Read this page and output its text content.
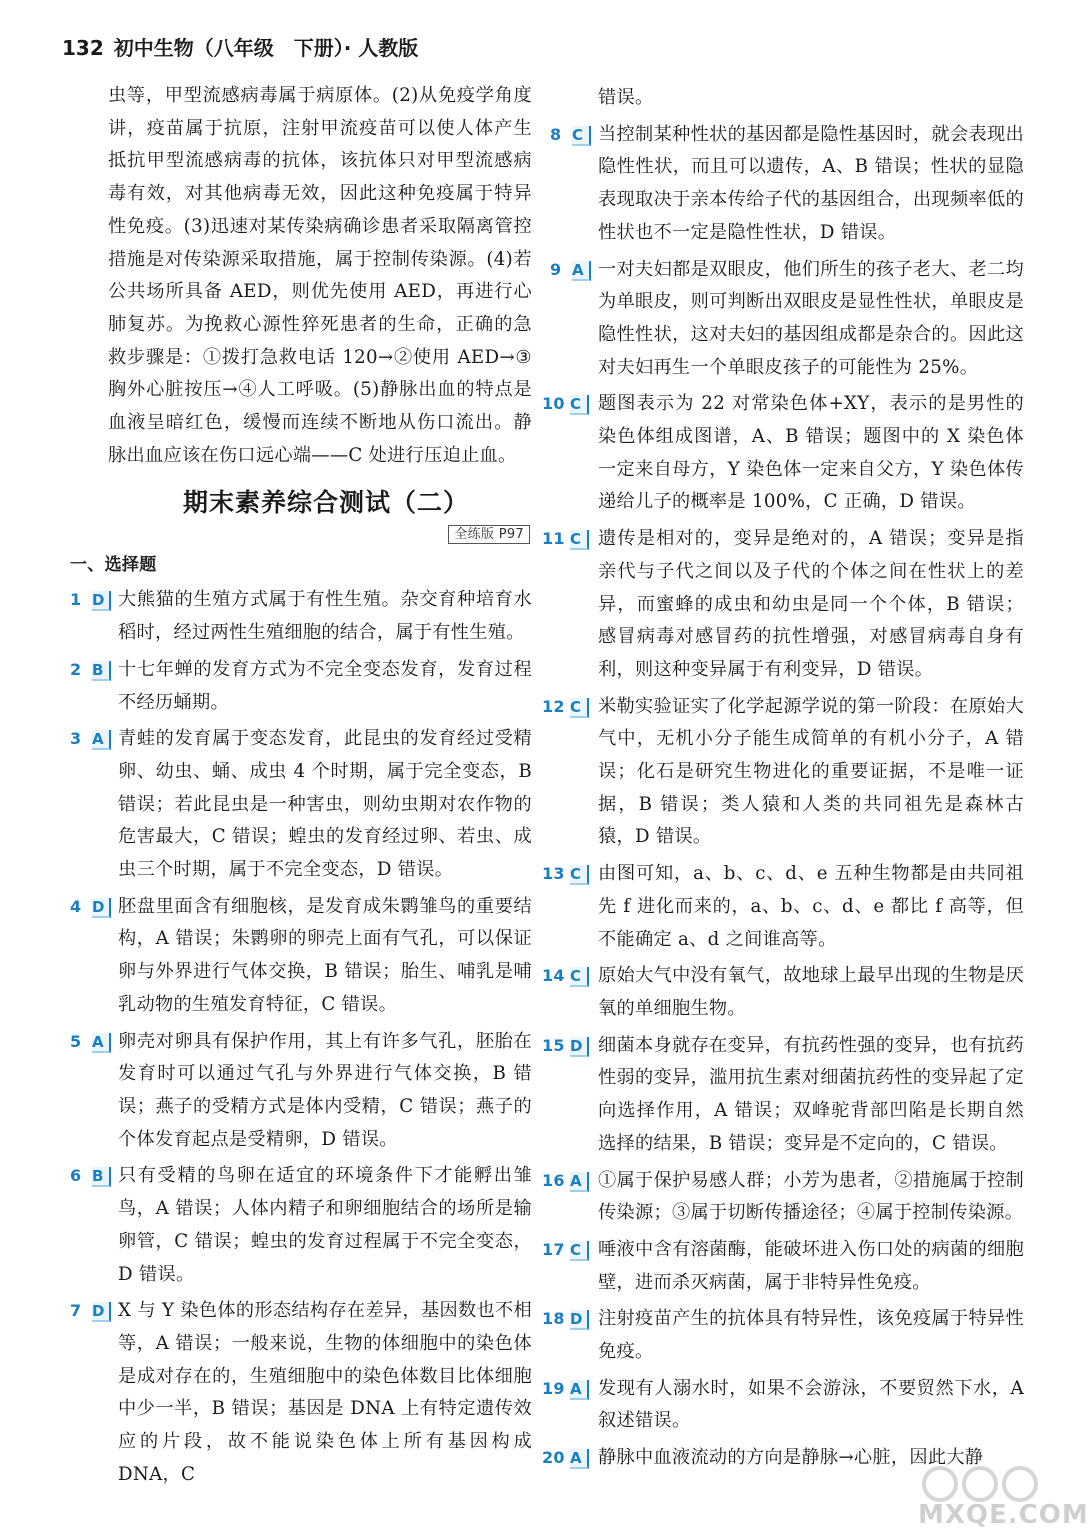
132 初中生物（八年级　下册）· 人教版
虫等，甲型流感病毒属于病原体。(2)从免疫学角度讲，疫苗属于抗原，注射甲流疫苗可以使人体产生抵抗甲型流感病毒的抗体，该抗体只对甲型流感病毒有效，对其他病毒无效，因此这种免疫属于特异性免疫。(3)迅速对某传染病确诊患者采取隔离管控措施是对传染源采取措施，属于控制传染源。(4)若公共场所具备 AED，则优先使用 AED，再进行心肺复苏。为挽救心源性猝死患者的生命，正确的急救步骤是：①拨打急救电话 120→②使用 AED→③胸外心脏按压→④人工呼吸。(5)静脉出血的特点是血液呈暗红色，缓慢而连续不断地从伤口流出。静脉出血应该在伤口远心端——C 处进行压迫止血。
期末素养综合测试（二）
全练版 P97
一、选择题
1 D 大熊猫的生殖方式属于有性生殖。杂交育种培育水稻时，经过两性生殖细胞的结合，属于有性生殖。
2 B 十七年蝉的发育方式为不完全变态发育，发育过程不经历蛹期。
3 A 青蛙的发育属于变态发育，此昆虫的发育经过受精卵、幼虫、蛹、成虫 4 个时期，属于完全变态，B 错误；若此昆虫是一种害虫，则幼虫期对农作物的危害最大，C 错误；蝗虫的发育经过卵、若虫、成虫三个时期，属于不完全变态，D 错误。
4 D 胚盘里面含有细胞核，是发育成朱鹮雏鸟的重要结构，A 错误；朱鹮卵的卵壳上面有气孔，可以保证卵与外界进行气体交换，B 错误；胎生、哺乳是哺乳动物的生殖发育特征，C 错误。
5 A 卵壳对卵具有保护作用，其上有许多气孔，胚胎在发育时可以通过气孔与外界进行气体交换，B 错误；燕子的受精方式是体内受精，C 错误；燕子的个体发育起点是受精卵，D 错误。
6 B 只有受精的鸟卵在适宜的环境条件下才能孵出雏鸟，A 错误；人体内精子和卵细胞结合的场所是输卵管，C 错误；蝗虫的发育过程属于不完全变态，D 错误。
7 D X 与 Y 染色体的形态结构存在差异，基因数也不相等，A 错误；一般来说，生物的体细胞中的染色体是成对存在的，生殖细胞中的染色体数目比体细胞中少一半，B 错误；基因是 DNA 上有特定遗传效应的片段，故不能说染色体上所有基因构成 DNA，C
错误。
8 C 当控制某种性状的基因都是隐性基因时，就会表现出隐性性状，而且可以遗传，A、B 错误；性状的显隐表现取决于亲本传给子代的基因组合，出现频率低的性状也不一定是隐性性状，D 错误。
9 A 一对夫妇都是双眼皮，他们所生的孩子老大、老二均为单眼皮，则可判断出双眼皮是显性性状，单眼皮是隐性性状，这对夫妇的基因组成都是杂合的。因此这对夫妇再生一个单眼皮孩子的可能性为 25%。
10 C 题图表示为 22 对常染色体+XY，表示的是男性的染色体组成图谱，A、B 错误；题图中的 X 染色体一定来自母方，Y 染色体一定来自父方，Y 染色体传递给儿子的概率是 100%，C 正确，D 错误。
11 C 遗传是相对的，变异是绝对的，A 错误；变异是指亲代与子代之间以及子代的个体之间在性状上的差异，而蜜蜂的成虫和幼虫是同一个个体，B 错误；感冒病毒对感冒药的抗性增强，对感冒病毒自身有利，则这种变异属于有利变异，D 错误。
12 C 米勒实验证实了化学起源学说的第一阶段：在原始大气中，无机小分子能生成简单的有机小分子，A 错误；化石是研究生物进化的重要证据，不是唯一证据，B 错误；类人猿和人类的共同祖先是森林古猿，D 错误。
13 C 由图可知，a、b、c、d、e 五种生物都是由共同祖先 f 进化而来的，a、b、c、d、e 都比 f 高等，但不能确定 a、d 之间谁高等。
14 C 原始大气中没有氧气，故地球上最早出现的生物是厌氧的单细胞生物。
15 D 细菌本身就存在变异，有抗药性强的变异，也有抗药性弱的变异，滥用抗生素对细菌抗药性的变异起了定向选择作用，A 错误；双峰驼背部凹陷是长期自然选择的结果，B 错误；变异是不定向的，C 错误。
16 A ①属于保护易感人群；小芳为患者，②措施属于控制传染源；③属于切断传播途径；④属于控制传染源。
17 C 唾液中含有溶菌酶，能破坏进入伤口处的病菌的细胞壁，进而杀灭病菌，属于非特异性免疫。
18 D 注射疫苗产生的抗体具有特异性，该免疫属于特异性免疫。
19 A 发现有人溺水时，如果不会游泳，不要贸然下水，A 叙述错误。
20 A 静脉中血液流动的方向是静脉→心脏，因此大静
MXQE.COM
